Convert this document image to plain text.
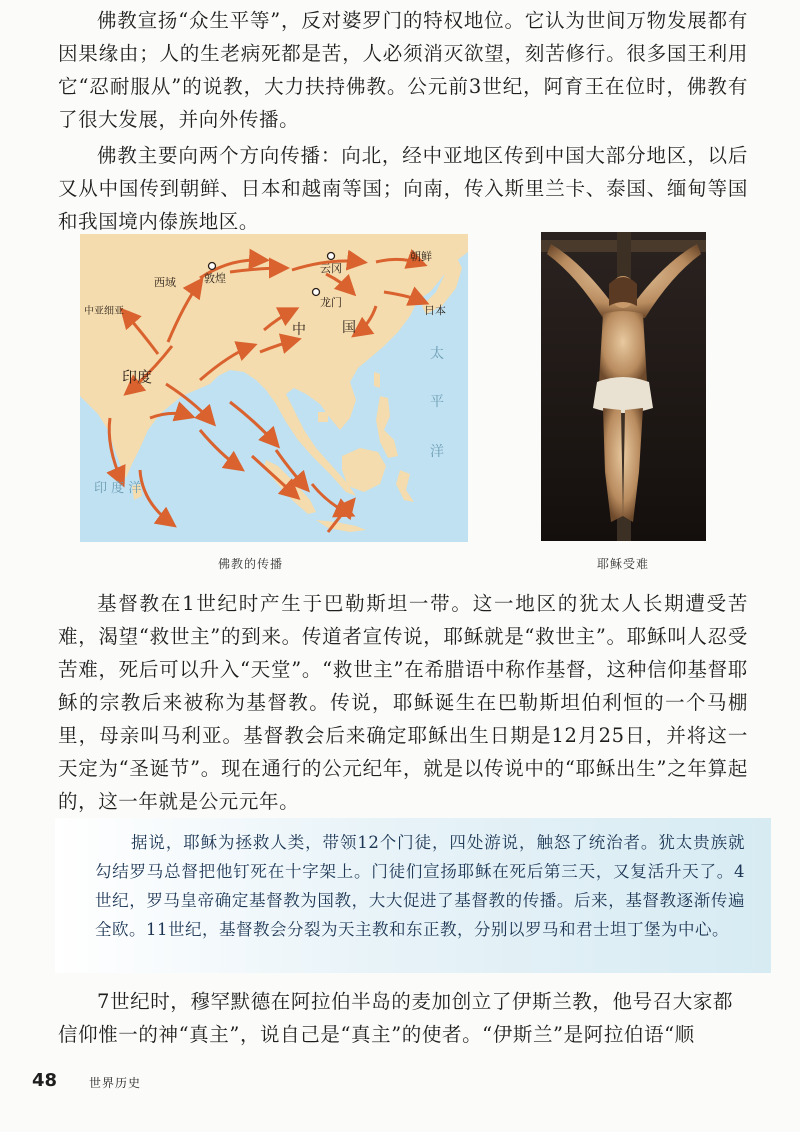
佛教宣扬“众生平等”，反对婆罗门的特权地位。它认为世间万物发展都有因果缘由；人的生老病死都是苦，人必须消灭欲望，刻苦修行。很多国王利用它“忍耐服从”的说教，大力扶持佛教。公元前3世纪，阿育王在位时，佛教有了很大发展，并向外传播。

佛教主要向两个方向传播：向北，经中亚地区传到中国大部分地区，以后又从中国传到朝鲜、日本和越南等国；向南，传入斯里兰卡、泰国、缅甸等国和我国境内傣族地区。

西域	敦煌
云冈
朝鲜
中亚细亚
龙门
日本
中	国
印度
太
平
洋
印 度 洋
佛教的传播	耶稣受难

基督教在1世纪时产生于巴勒斯坦一带。这一地区的犹太人长期遭受苦难，渴望“救世主”的到来。传道者宣传说，耶稣就是“救世主”。耶稣叫人忍受苦难，死后可以升入“天堂”。“救世主”在希腊语中称作基督，这种信仰基督耶稣的宗教后来被称为基督教。传说，耶稣诞生在巴勒斯坦伯利恒的一个马棚里，母亲叫马利亚。基督教会后来确定耶稣出生日期是12月25日，并将这一天定为“圣诞节”。现在通行的公元纪年，就是以传说中的“耶稣出生”之年算起的，这一年就是公元元年。

据说，耶稣为拯救人类，带领12个门徒，四处游说，触怒了统治者。犹太贵族就勾结罗马总督把他钉死在十字架上。门徒们宣扬耶稣在死后第三天，又复活升天了。4世纪，罗马皇帝确定基督教为国教，大大促进了基督教的传播。后来，基督教逐渐传遍全欧。11世纪，基督教会分裂为天主教和东正教，分别以罗马和君士坦丁堡为中心。

7世纪时，穆罕默德在阿拉伯半岛的麦加创立了伊斯兰教，他号召大家都
信仰惟一的神“真主”，说自己是“真主”的使者。“伊斯兰”是阿拉伯语“顺

48	世界历史
